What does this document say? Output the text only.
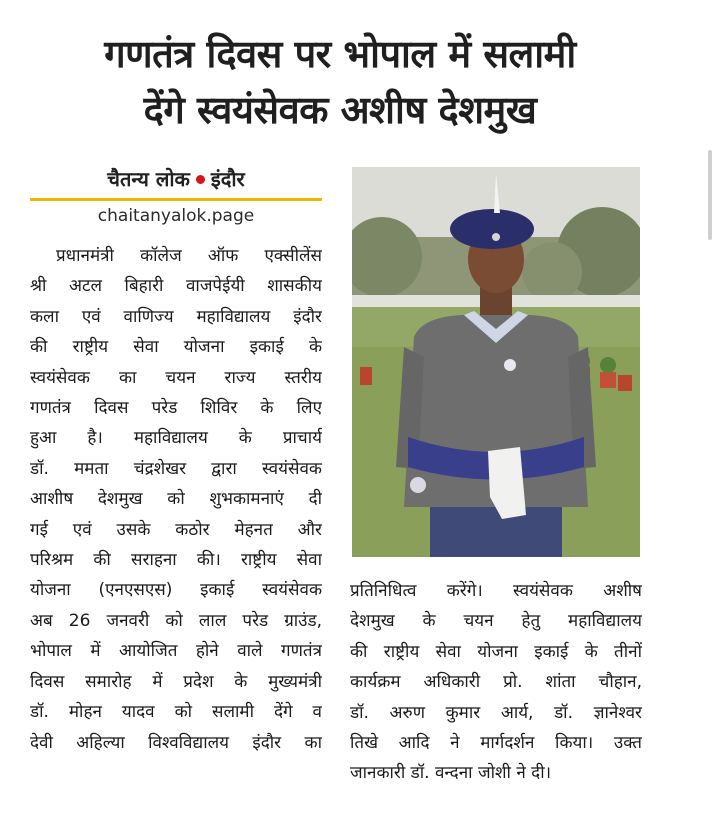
गणतंत्र दिवस पर भोपाल में सलामी
देंगे स्वयंसेवक अशीष देशमुख
चैतन्य लोक इंदौर
chaitanyalok.page
प्रधानमंत्री कॉलेज ऑफ एक्सीलेंस
श्री अटल बिहारी वाजपेईयी शासकीय
कला एवं वाणिज्य महाविद्यालय इंदौर
की राष्ट्रीय सेवा योजना इकाई के
स्वयंसेवक का चयन राज्य स्तरीय
गणतंत्र दिवस परेड शिविर के लिए
हुआ है। महाविद्यालय के प्राचार्य
डॉ. ममता चंद्रशेखर द्वारा स्वयंसेवक
आशीष देशमुख को शुभकामनाएं दी
गई एवं उसके कठोर मेहनत और
परिश्रम की सराहना की। राष्ट्रीय सेवा
योजना (एनएसएस) इकाई स्वयंसेवक
अब 26 जनवरी को लाल परेड ग्राउंड,
भोपाल में आयोजित होने वाले गणतंत्र
दिवस समारोह में प्रदेश के मुख्यमंत्री
डॉ. मोहन यादव को सलामी देंगे व
देवी अहिल्या विश्वविद्यालय इंदौर का
प्रतिनिधित्व करेंगे। स्वयंसेवक अशीष
देशमुख के चयन हेतु महाविद्यालय
की राष्ट्रीय सेवा योजना इकाई के तीनों
कार्यक्रम अधिकारी प्रो. शांता चौहान,
डॉ. अरुण कुमार आर्य, डॉ. ज्ञानेश्वर
तिखे आदि ने मार्गदर्शन किया। उक्त
जानकारी डॉ. वन्दना जोशी ने दी।
